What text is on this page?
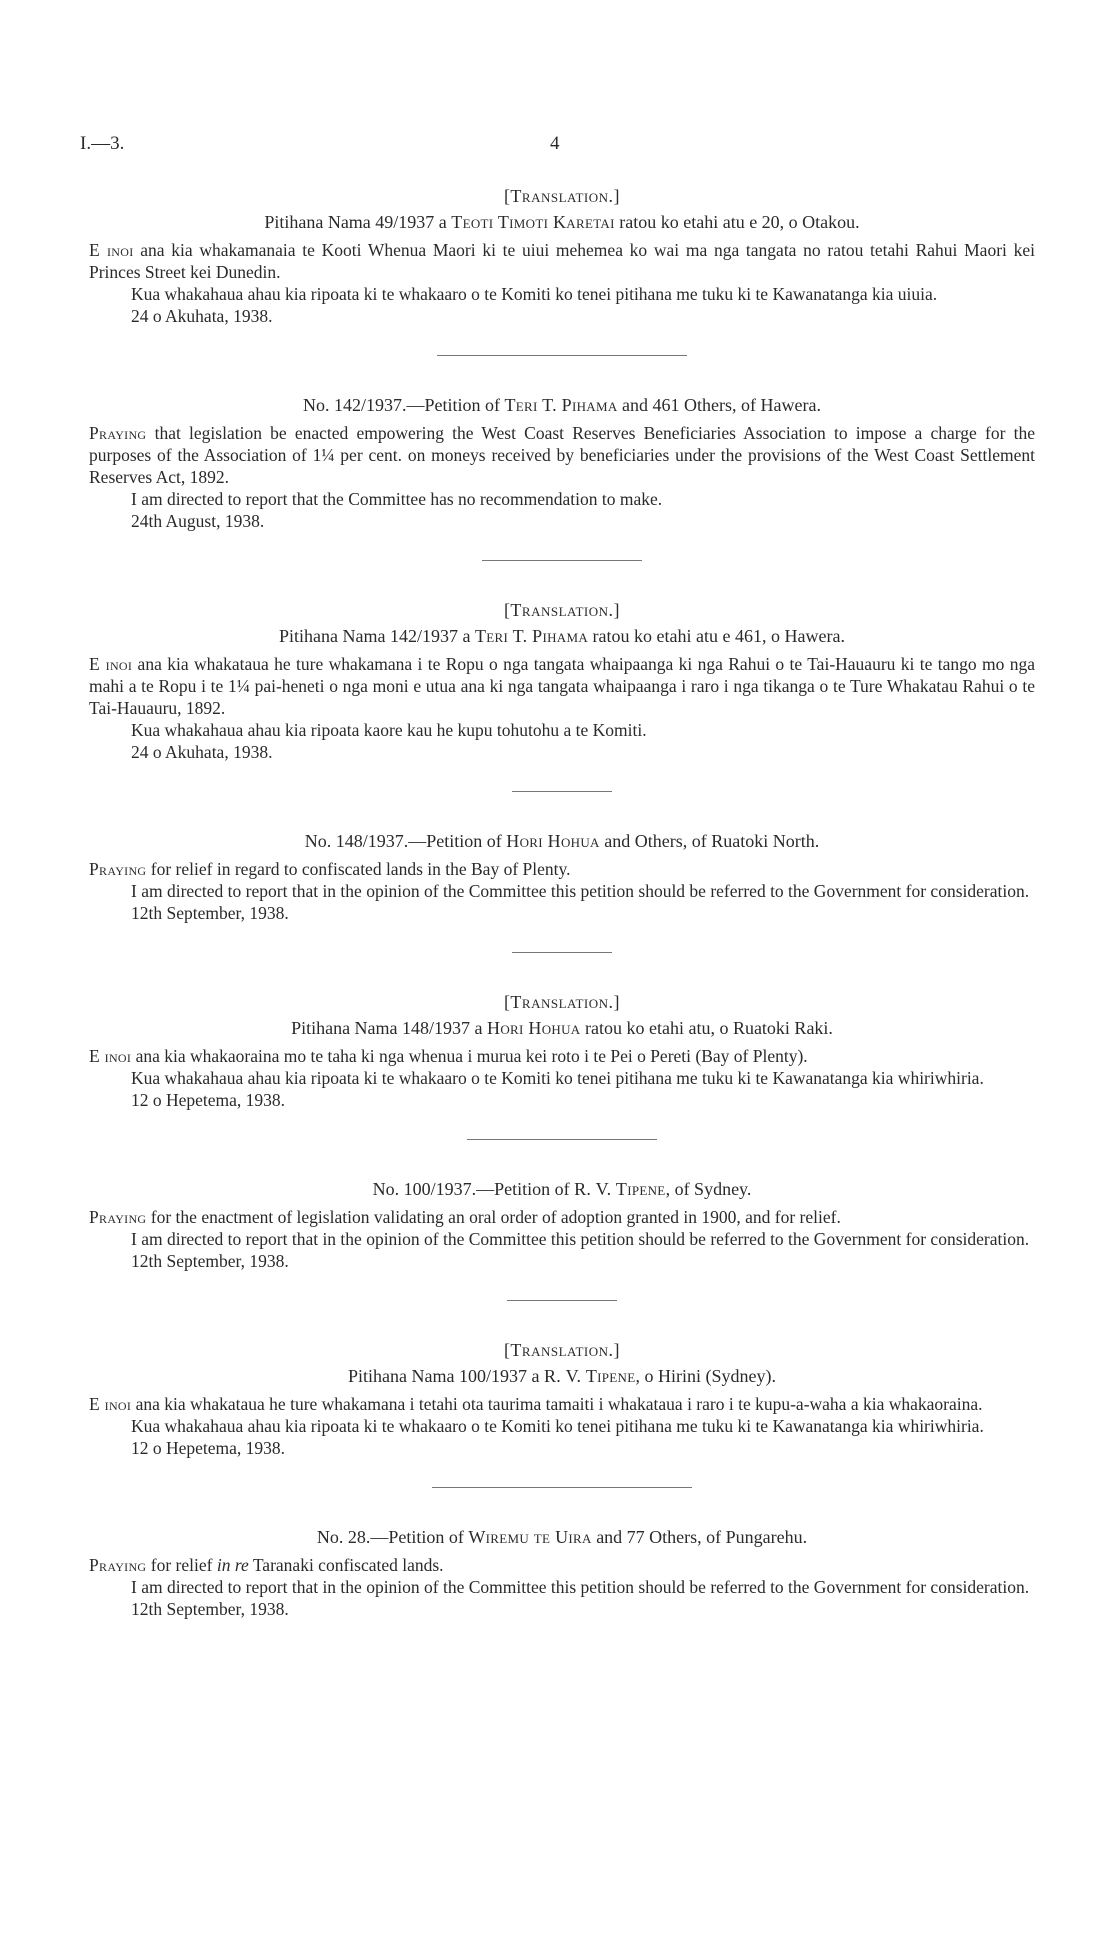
I.—3.	4

[Translation.]

Pitihana Nama 49/1937 a Teoti Timoti Karetai ratou ko etahi atu e 20, o Otakou.

E inoi ana kia whakamanaia te Kooti Whenua Maori ki te uiui mehemea ko wai ma nga tangata no ratou tetahi Rahui Maori kei Princes Street kei Dunedin.

Kua whakahaua ahau kia ripoata ki te whakaaro o te Komiti ko tenei pitihana me tuku ki te Kawanatanga kia uiuia.

24 o Akuhata, 1938.

No. 142/1937.—Petition of Teri T. Pihama and 461 Others, of Hawera.

Praying that legislation be enacted empowering the West Coast Reserves Beneficiaries Association to impose a charge for the purposes of the Association of 1¼ per cent. on moneys received by beneficiaries under the provisions of the West Coast Settlement Reserves Act, 1892.

I am directed to report that the Committee has no recommendation to make.

24th August, 1938.

[Translation.]

Pitihana Nama 142/1937 a Teri T. Pihama ratou ko etahi atu e 461, o Hawera.

E inoi ana kia whakataua he ture whakamana i te Ropu o nga tangata whaipaanga ki nga Rahui o te Tai-Hauauru ki te tango mo nga mahi a te Ropu i te 1¼ pai-heneti o nga moni e utua ana ki nga tangata whaipaanga i raro i nga tikanga o te Ture Whakatau Rahui o te Tai-Hauauru, 1892.

Kua whakahaua ahau kia ripoata kaore kau he kupu tohutohu a te Komiti.

24 o Akuhata, 1938.

No. 148/1937.—Petition of Hori Hohua and Others, of Ruatoki North.

Praying for relief in regard to confiscated lands in the Bay of Plenty.

I am directed to report that in the opinion of the Committee this petition should be referred to the Government for consideration.

12th September, 1938.

[Translation.]

Pitihana Nama 148/1937 a Hori Hohua ratou ko etahi atu, o Ruatoki Raki.

E inoi ana kia whakaoraina mo te taha ki nga whenua i murua kei roto i te Pei o Pereti (Bay of Plenty).

Kua whakahaua ahau kia ripoata ki te whakaaro o te Komiti ko tenei pitihana me tuku ki te Kawanatanga kia whiriwhiria.

12 o Hepetema, 1938.

No. 100/1937.—Petition of R. V. Tipene, of Sydney.

Praying for the enactment of legislation validating an oral order of adoption granted in 1900, and for relief.

I am directed to report that in the opinion of the Committee this petition should be referred to the Government for consideration.

12th September, 1938.

[Translation.]

Pitihana Nama 100/1937 a R. V. Tipene, o Hirini (Sydney).

E inoi ana kia whakataua he ture whakamana i tetahi ota taurima tamaiti i whakataua i raro i te kupu-a-waha a kia whakaoraina.

Kua whakahaua ahau kia ripoata ki te whakaaro o te Komiti ko tenei pitihana me tuku ki te Kawanatanga kia whiriwhiria.

12 o Hepetema, 1938.

No. 28.—Petition of Wiremu te Uira and 77 Others, of Pungarehu.

Praying for relief in re Taranaki confiscated lands.

I am directed to report that in the opinion of the Committee this petition should be referred to the Government for consideration.

12th September, 1938.
